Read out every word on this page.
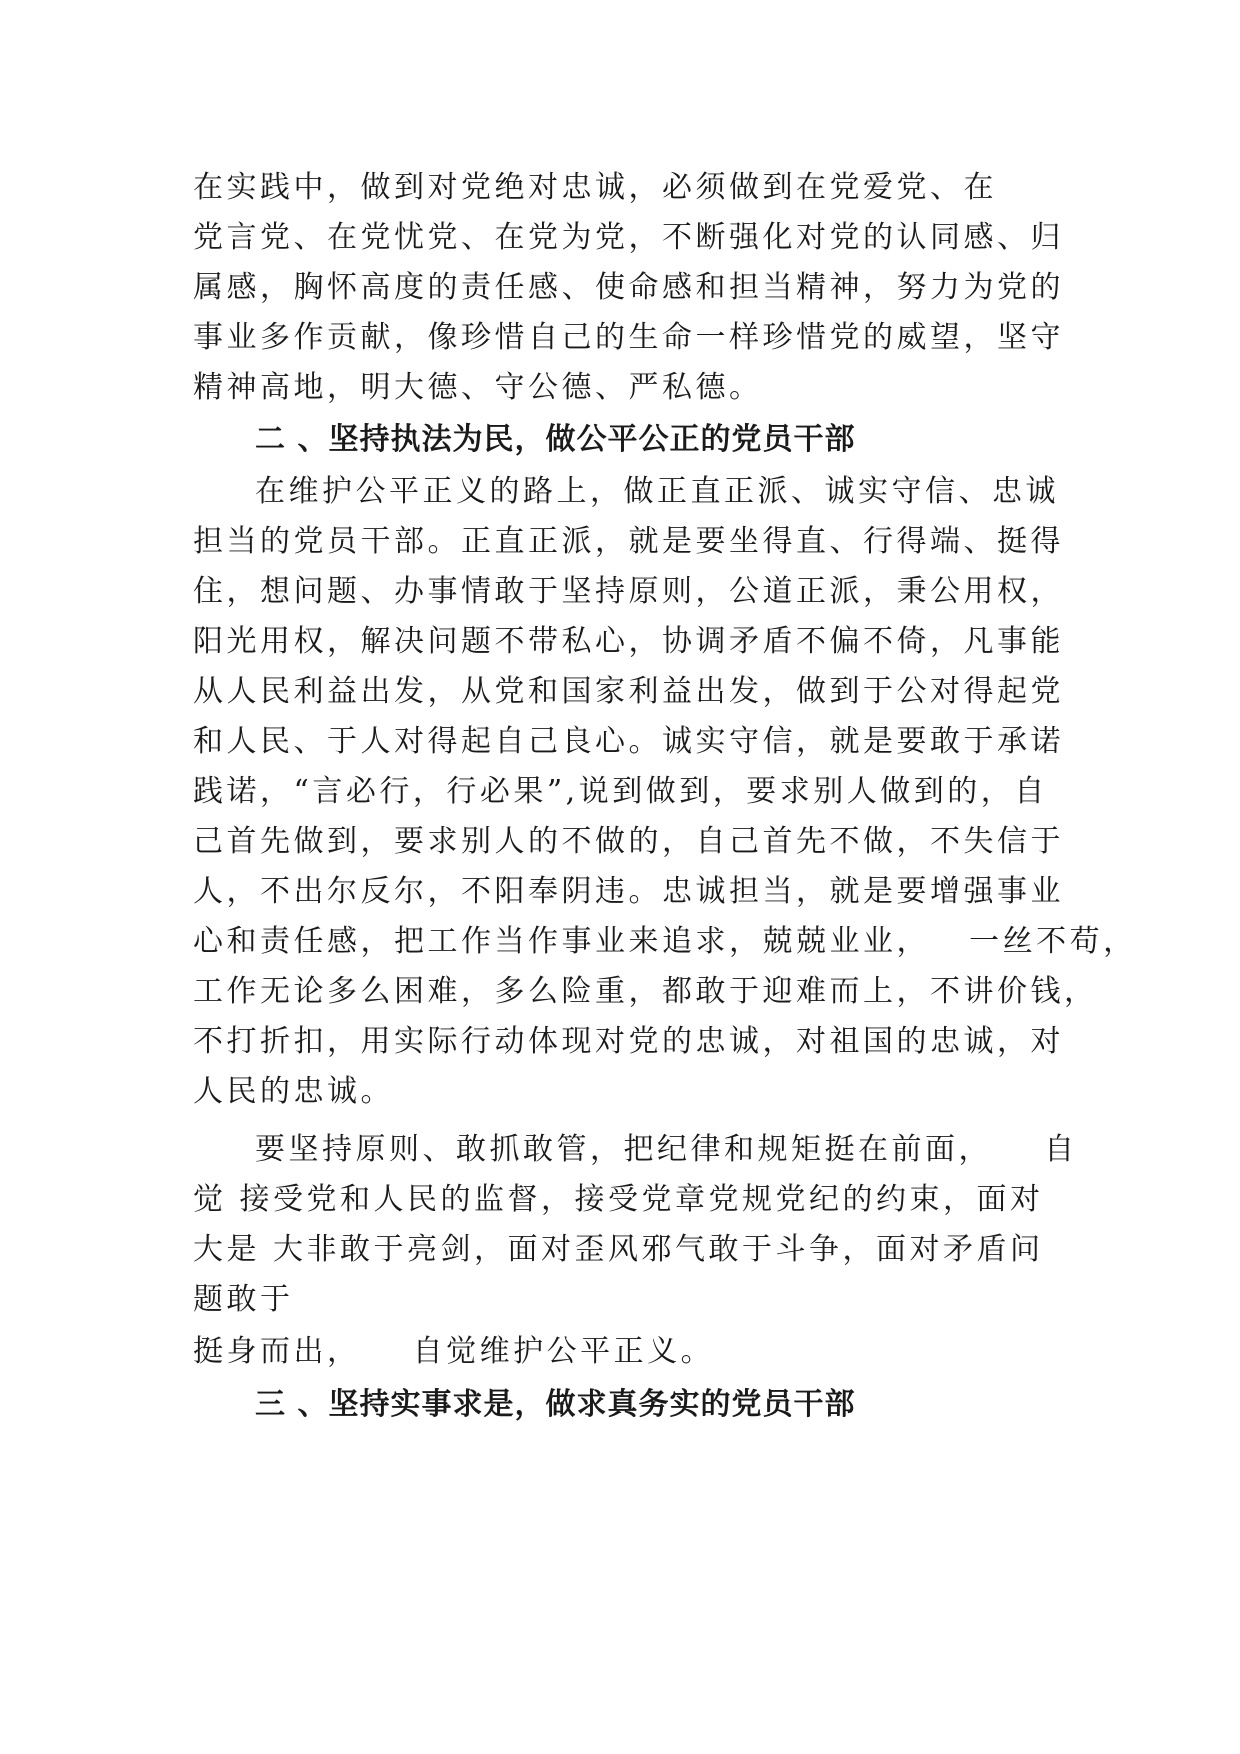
在实践中，做到对党绝对忠诚，必须做到在党爱党、在
党言党、在党忧党、在党为党，不断强化对党的认同感、归
属感，胸怀高度的责任感、使命感和担当精神，努力为党的
事业多作贡献，像珍惜自己的生命一样珍惜党的威望，坚守
精神高地，明大德、守公德、严私德。
二 、坚持执法为民，做公平公正的党员干部
在维护公平正义的路上，做正直正派、诚实守信、忠诚
担当的党员干部。正直正派，就是要坐得直、行得端、挺得
住，想问题、办事情敢于坚持原则，公道正派，秉公用权，
阳光用权，解决问题不带私心，协调矛盾不偏不倚，凡事能
从人民利益出发，从党和国家利益出发，做到于公对得起党
和人民、于人对得起自己良心。诚实守信，就是要敢于承诺
践诺，“言必行，行必果”,说到做到，要求别人做到的，自
己首先做到，要求别人的不做的，自己首先不做，不失信于
人，不出尔反尔，不阳奉阴违。忠诚担当，就是要增强事业
心和责任感，把工作当作事业来追求，兢兢业业，   一丝不苟，
工作无论多么困难，多么险重，都敢于迎难而上，不讲价钱，
不打折扣，用实际行动体现对党的忠诚，对祖国的忠诚，对
人民的忠诚。
要坚持原则、敢抓敢管，把纪律和规矩挺在前面，    自
觉 接受党和人民的监督，接受党章党规党纪的约束，面对
大是 大非敢于亮剑，面对歪风邪气敢于斗争，面对矛盾问
题敢于
挺身而出，    自觉维护公平正义。
三 、坚持实事求是，做求真务实的党员干部
